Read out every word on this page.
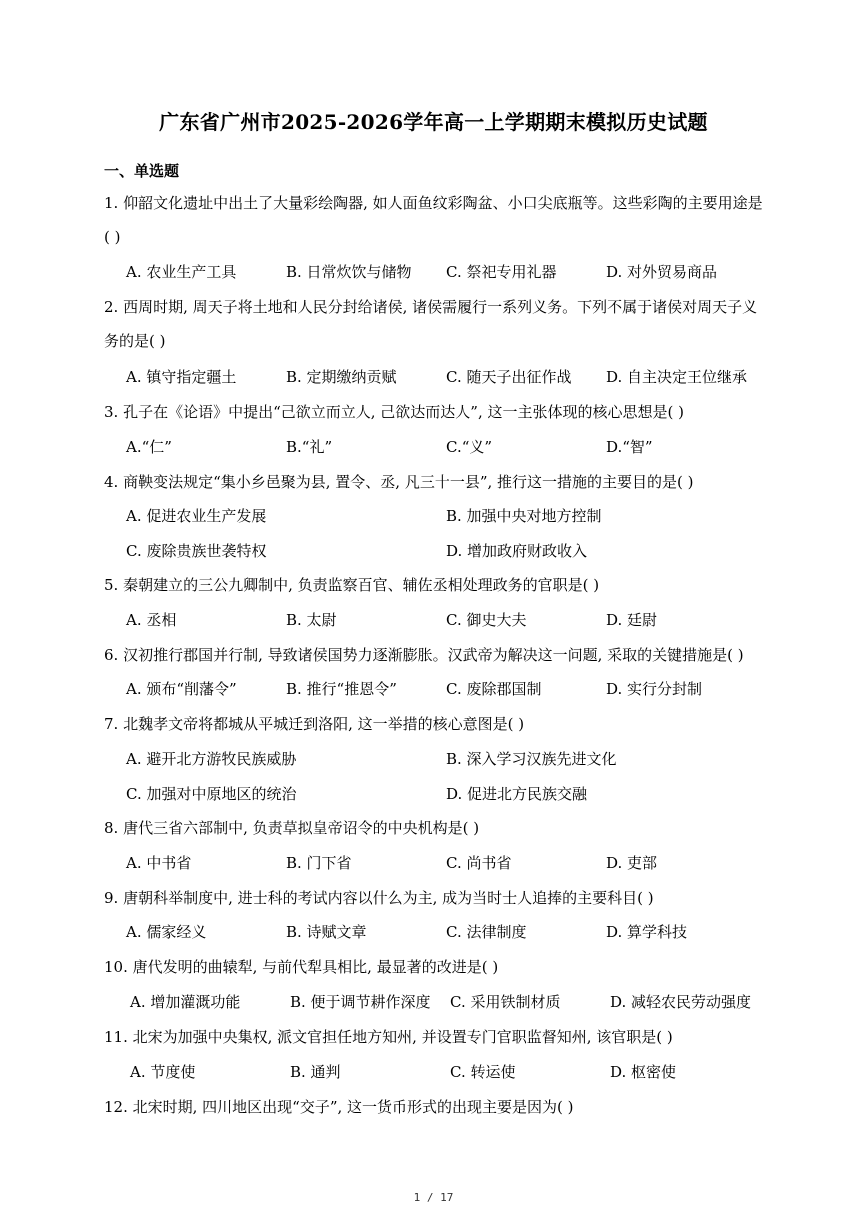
广东省广州市2025-2026学年高一上学期期末模拟历史试题
一、单选题
1. 仰韶文化遗址中出土了大量彩绘陶器, 如人面鱼纹彩陶盆、小口尖底瓶等。这些彩陶的主要用途是( )
A. 农业生产工具	B. 日常炊饮与储物	C. 祭祀专用礼器	D. 对外贸易商品
2. 西周时期, 周天子将土地和人民分封给诸侯, 诸侯需履行一系列义务。下列不属于诸侯对周天子义务的是( )
A. 镇守指定疆土	B. 定期缴纳贡赋	C. 随天子出征作战	D. 自主决定王位继承
3. 孔子在《论语》中提出“己欲立而立人, 己欲达而达人”, 这一主张体现的核心思想是( )
A.“仁”	B.“礼”	C.“义”	D.“智”
4. 商鞅变法规定“集小乡邑聚为县, 置令、丞, 凡三十一县”, 推行这一措施的主要目的是( )
A. 促进农业生产发展	B. 加强中央对地方控制
C. 废除贵族世袭特权	D. 增加政府财政收入
5. 秦朝建立的三公九卿制中, 负责监察百官、辅佐丞相处理政务的官职是( )
A. 丞相	B. 太尉	C. 御史大夫	D. 廷尉
6. 汉初推行郡国并行制, 导致诸侯国势力逐渐膨胀。汉武帝为解决这一问题, 采取的关键措施是( )
A. 颁布“削藩令”	B. 推行“推恩令”	C. 废除郡国制	D. 实行分封制
7. 北魏孝文帝将都城从平城迁到洛阳, 这一举措的核心意图是( )
A. 避开北方游牧民族威胁	B. 深入学习汉族先进文化
C. 加强对中原地区的统治	D. 促进北方民族交融
8. 唐代三省六部制中, 负责草拟皇帝诏令的中央机构是( )
A. 中书省	B. 门下省	C. 尚书省	D. 吏部
9. 唐朝科举制度中, 进士科的考试内容以什么为主, 成为当时士人追捧的主要科目( )
A. 儒家经义	B. 诗赋文章	C. 法律制度	D. 算学科技
10. 唐代发明的曲辕犁, 与前代犁具相比, 最显著的改进是( )
A. 增加灌溉功能	B. 便于调节耕作深度	C. 采用铁制材质	D. 减轻农民劳动强度
11. 北宋为加强中央集权, 派文官担任地方知州, 并设置专门官职监督知州, 该官职是( )
A. 节度使	B. 通判	C. 转运使	D. 枢密使
12. 北宋时期, 四川地区出现“交子”, 这一货币形式的出现主要是因为( )
1 / 17
